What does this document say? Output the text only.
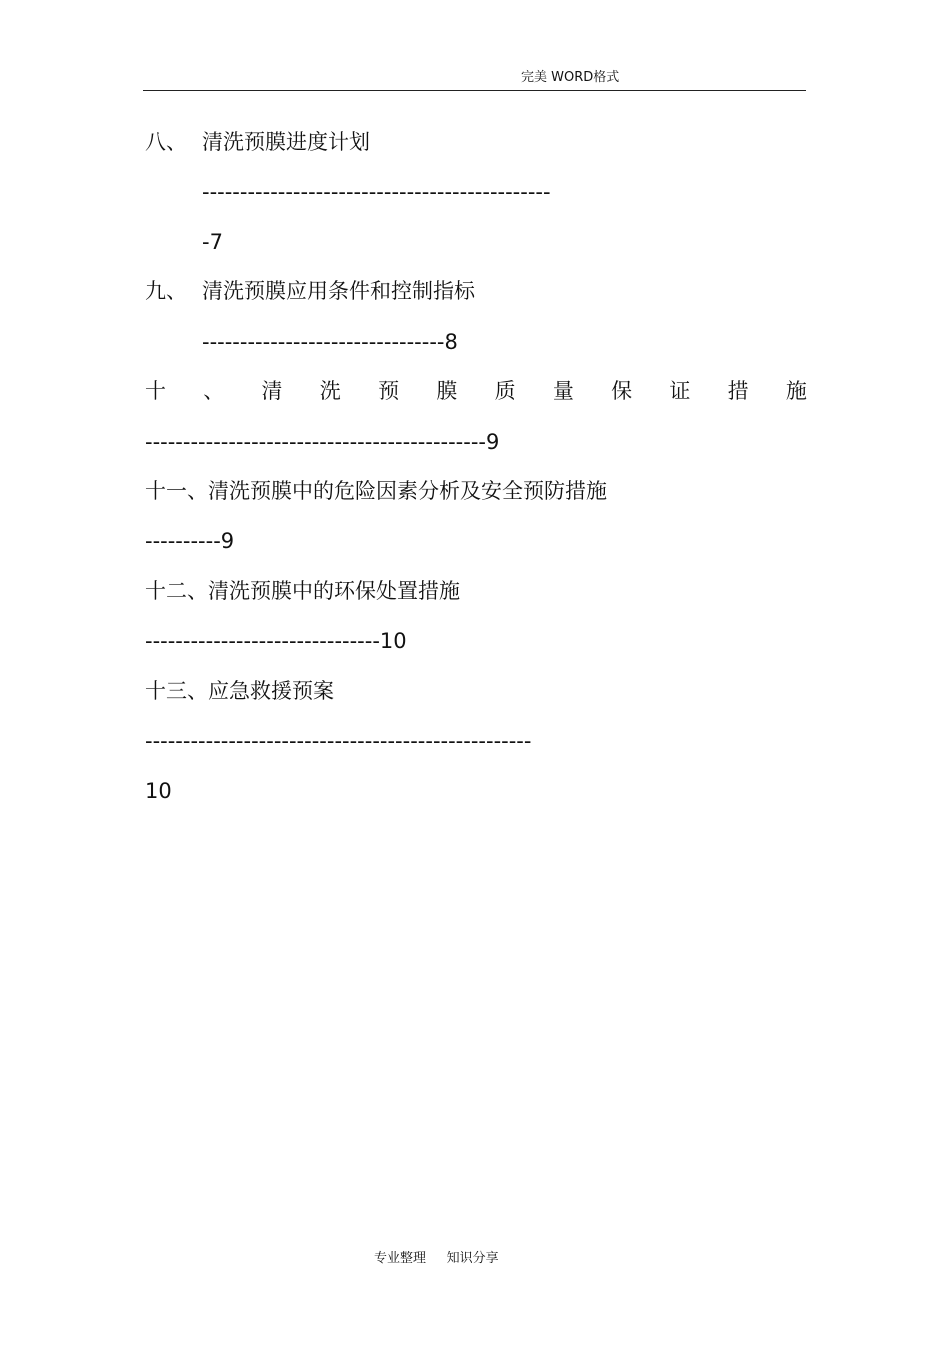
完美 WORD格式
八、 清洗预膜进度计划
----------------------------------------------
-7
九、 清洗预膜应用条件和控制指标
--------------------------------8
十 、 清 洗 预 膜 质 量 保 证 措 施
---------------------------------------------9
十一、清洗预膜中的危险因素分析及安全预防措施
----------9
十二、清洗预膜中的环保处置措施
-------------------------------10
十三、应急救援预案
---------------------------------------------------
10
专业整理     知识分享
